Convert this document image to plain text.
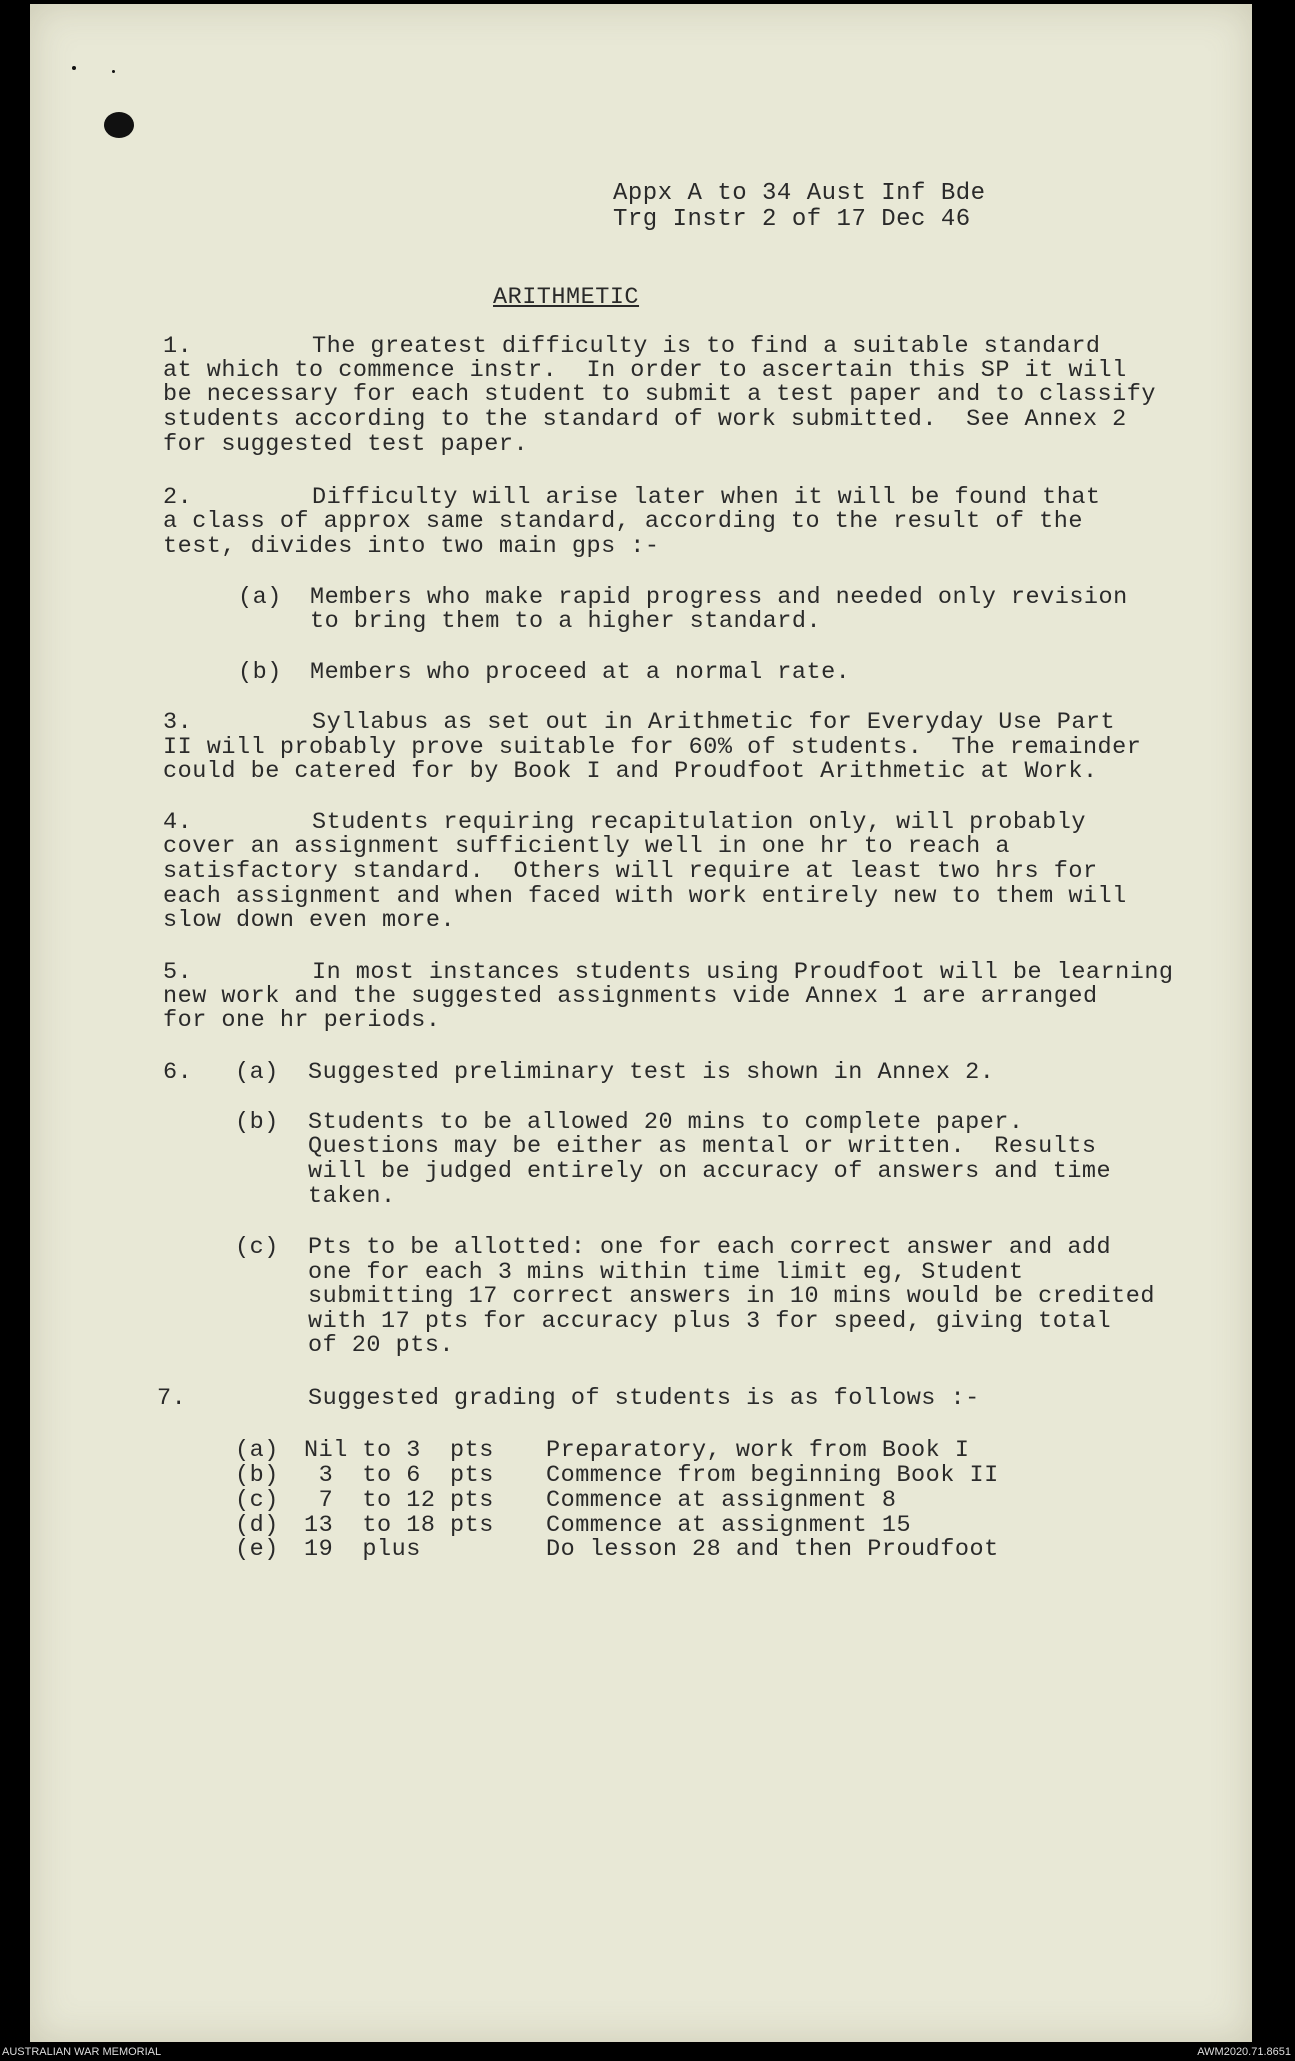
Appx A to 34 Aust Inf Bde
Trg Instr 2 of 17 Dec 46
ARITHMETIC
1.	The greatest difficulty is to find a suitable standard
at which to commence instr.  In order to ascertain this SP it will
be necessary for each student to submit a test paper and to classify
students according to the standard of work submitted.  See Annex 2
for suggested test paper.
2.	Difficulty will arise later when it will be found that
a class of approx same standard, according to the result of the
test, divides into two main gps :-
(a) Members who make rapid progress and needed only revision
to bring them to a higher standard.
(b) Members who proceed at a normal rate.
3.	Syllabus as set out in Arithmetic for Everyday Use Part
II will probably prove suitable for 60% of students.  The remainder
could be catered for by Book I and Proudfoot Arithmetic at Work.
4.	Students requiring recapitulation only, will probably
cover an assignment sufficiently well in one hr to reach a
satisfactory standard.  Others will require at least two hrs for
each assignment and when faced with work entirely new to them will
slow down even more.
5.	In most instances students using Proudfoot will be learning
new work and the suggested assignments vide Annex 1 are arranged
for one hr periods.
6. (a) Suggested preliminary test is shown in Annex 2.
(b) Students to be allowed 20 mins to complete paper.
Questions may be either as mental or written.  Results
will be judged entirely on accuracy of answers and time
taken.
(c) Pts to be allotted: one for each correct answer and add
one for each 3 mins within time limit eg, Student
submitting 17 correct answers in 10 mins would be credited
with 17 pts for accuracy plus 3 for speed, giving total
of 20 pts.
7.	Suggested grading of students is as follows :-
(a) Nil to 3  pts Preparatory, work from Book I
(b) 3  to 6  pts Commence from beginning Book II
(c) 7  to 12 pts Commence at assignment 8
(d) 13  to 18 pts Commence at assignment 15
(e) 19  plus	Do lesson 28 and then Proudfoot
AUSTRALIAN WAR MEMORIAL	AWM2020.71.8651
